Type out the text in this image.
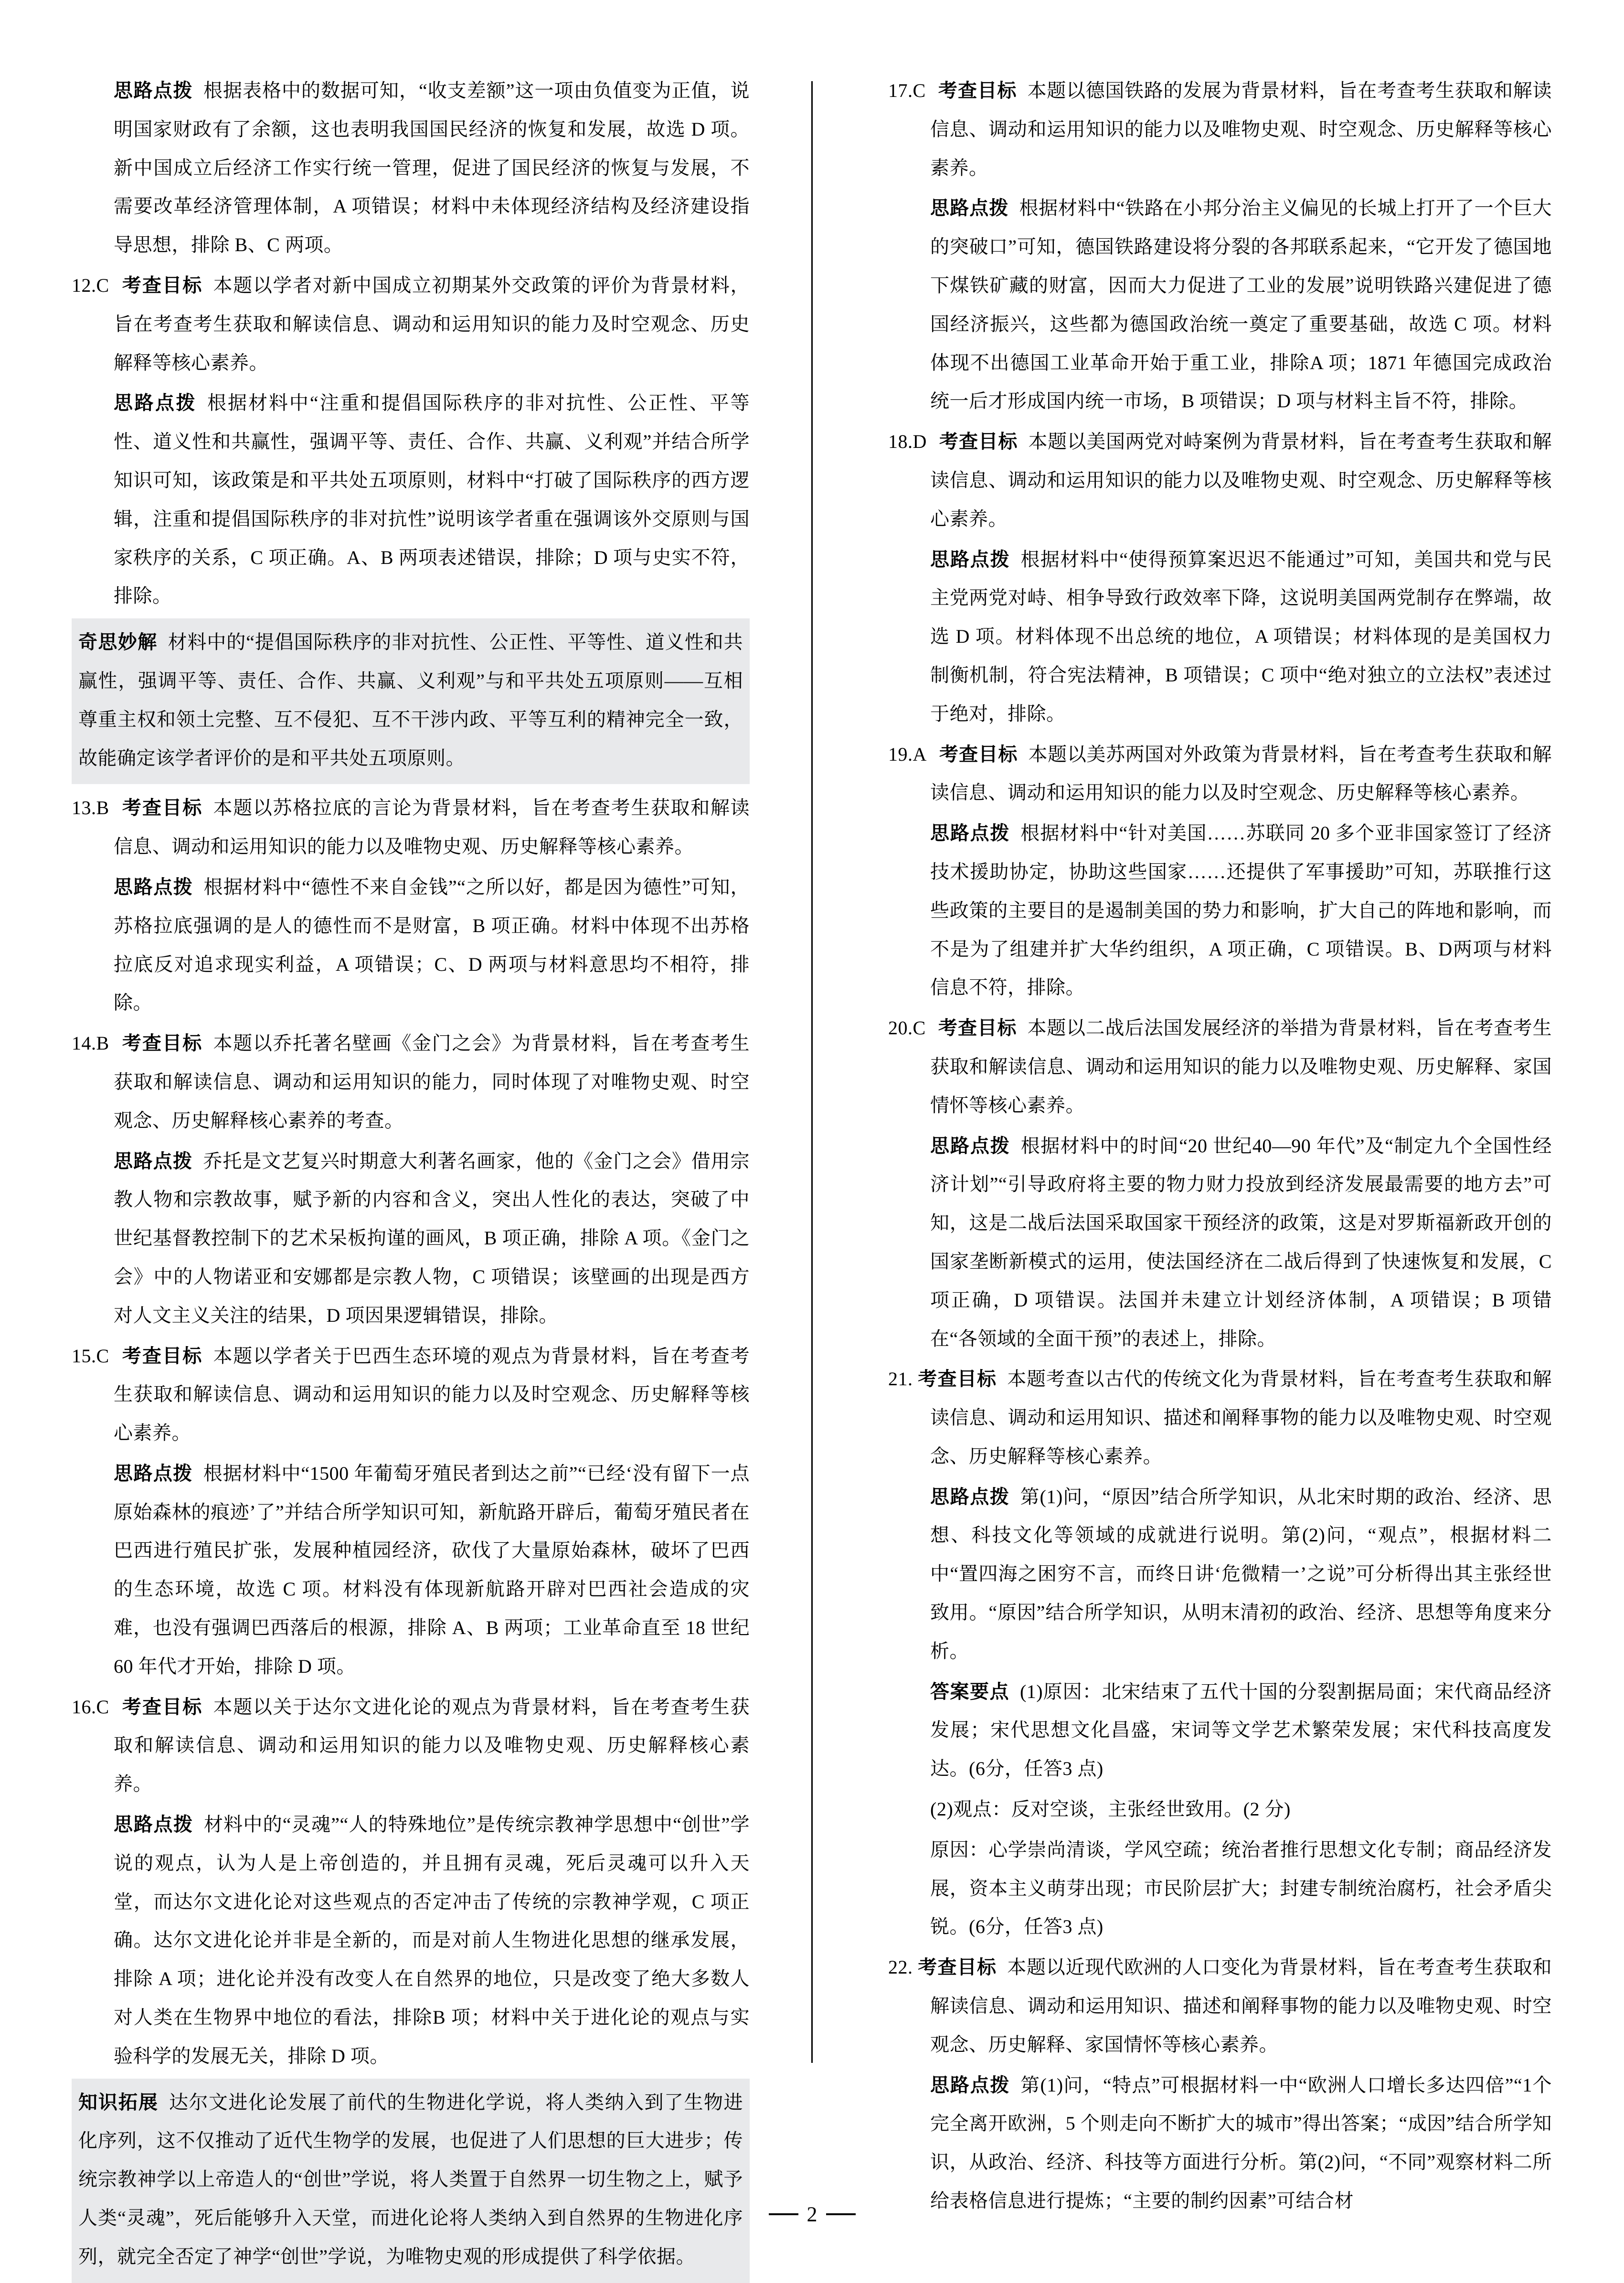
思路点拨 根据表格中的数据可知，“收支差额”这一项由负值变为正值，说明国家财政有了余额，这也表明我国国民经济的恢复和发展，故选 D 项。新中国成立后经济工作实行统一管理，促进了国民经济的恢复与发展，不需要改革经济管理体制，A 项错误；材料中未体现经济结构及经济建设指导思想，排除 B、C 两项。
12.C 考查目标 本题以学者对新中国成立初期某外交政策的评价为背景材料，旨在考查考生获取和解读信息、调动和运用知识的能力及时空观念、历史解释等核心素养。
思路点拨 根据材料中“注重和提倡国际秩序的非对抗性、公正性、平等性、道义性和共赢性，强调平等、责任、合作、共赢、义利观”并结合所学知识可知，该政策是和平共处五项原则，材料中“打破了国际秩序的西方逻辑，注重和提倡国际秩序的非对抗性”说明该学者重在强调该外交原则与国家秩序的关系，C 项正确。A、B 两项表述错误，排除；D 项与史实不符，排除。
奇思妙解 材料中的“提倡国际秩序的非对抗性、公正性、平等性、道义性和共赢性，强调平等、责任、合作、共赢、义利观”与和平共处五项原则——互相尊重主权和领土完整、互不侵犯、互不干涉内政、平等互利的精神完全一致，故能确定该学者评价的是和平共处五项原则。
13.B 考查目标 本题以苏格拉底的言论为背景材料，旨在考查考生获取和解读信息、调动和运用知识的能力以及唯物史观、历史解释等核心素养。
思路点拨 根据材料中“德性不来自金钱”“之所以好，都是因为德性”可知，苏格拉底强调的是人的德性而不是财富，B 项正确。材料中体现不出苏格拉底反对追求现实利益，A 项错误；C、D 两项与材料意思均不相符，排除。
14.B 考查目标 本题以乔托著名壁画《金门之会》为背景材料，旨在考查考生获取和解读信息、调动和运用知识的能力，同时体现了对唯物史观、时空观念、历史解释核心素养的考查。
思路点拨 乔托是文艺复兴时期意大利著名画家，他的《金门之会》借用宗教人物和宗教故事，赋予新的内容和含义，突出人性化的表达，突破了中世纪基督教控制下的艺术呆板拘谨的画风，B 项正确，排除 A 项。《金门之会》中的人物诺亚和安娜都是宗教人物，C 项错误；该壁画的出现是西方对人文主义关注的结果，D 项因果逻辑错误，排除。
15.C 考查目标 本题以学者关于巴西生态环境的观点为背景材料，旨在考查考生获取和解读信息、调动和运用知识的能力以及时空观念、历史解释等核心素养。
思路点拨 根据材料中“1500 年葡萄牙殖民者到达之前”“已经‘没有留下一点原始森林的痕迹’了”并结合所学知识可知，新航路开辟后，葡萄牙殖民者在巴西进行殖民扩张，发展种植园经济，砍伐了大量原始森林，破坏了巴西的生态环境，故选 C 项。材料没有体现新航路开辟对巴西社会造成的灾难，也没有强调巴西落后的根源，排除 A、B 两项；工业革命直至 18 世纪 60 年代才开始，排除 D 项。
16.C 考查目标 本题以关于达尔文进化论的观点为背景材料，旨在考查考生获取和解读信息、调动和运用知识的能力以及唯物史观、历史解释核心素养。
思路点拨 材料中的“灵魂”“人的特殊地位”是传统宗教神学思想中“创世”学说的观点，认为人是上帝创造的，并且拥有灵魂，死后灵魂可以升入天堂，而达尔文进化论对这些观点的否定冲击了传统的宗教神学观，C 项正确。达尔文进化论并非是全新的，而是对前人生物进化思想的继承发展，排除 A 项；进化论并没有改变人在自然界的地位，只是改变了绝大多数人对人类在生物界中地位的看法，排除B 项；材料中关于进化论的观点与实验科学的发展无关，排除 D 项。
知识拓展 达尔文进化论发展了前代的生物进化学说，将人类纳入到了生物进化序列，这不仅推动了近代生物学的发展，也促进了人们思想的巨大进步；传统宗教神学以上帝造人的“创世”学说，将人类置于自然界一切生物之上，赋予人类“灵魂”，死后能够升入天堂，而进化论将人类纳入到自然界的生物进化序列，就完全否定了神学“创世”学说，为唯物史观的形成提供了科学依据。
17.C 考查目标 本题以德国铁路的发展为背景材料，旨在考查考生获取和解读信息、调动和运用知识的能力以及唯物史观、时空观念、历史解释等核心素养。
思路点拨 根据材料中“铁路在小邦分治主义偏见的长城上打开了一个巨大的突破口”可知，德国铁路建设将分裂的各邦联系起来，“它开发了德国地下煤铁矿藏的财富，因而大力促进了工业的发展”说明铁路兴建促进了德国经济振兴，这些都为德国政治统一奠定了重要基础，故选 C 项。材料体现不出德国工业革命开始于重工业，排除A 项；1871 年德国完成政治统一后才形成国内统一市场，B 项错误；D 项与材料主旨不符，排除。
18.D 考查目标 本题以美国两党对峙案例为背景材料，旨在考查考生获取和解读信息、调动和运用知识的能力以及唯物史观、时空观念、历史解释等核心素养。
思路点拨 根据材料中“使得预算案迟迟不能通过”可知，美国共和党与民主党两党对峙、相争导致行政效率下降，这说明美国两党制存在弊端，故选 D 项。材料体现不出总统的地位，A 项错误；材料体现的是美国权力制衡机制，符合宪法精神，B 项错误；C 项中“绝对独立的立法权”表述过于绝对，排除。
19.A 考查目标 本题以美苏两国对外政策为背景材料，旨在考查考生获取和解读信息、调动和运用知识的能力以及时空观念、历史解释等核心素养。
思路点拨 根据材料中“针对美国……苏联同 20 多个亚非国家签订了经济技术援助协定，协助这些国家……还提供了军事援助”可知，苏联推行这些政策的主要目的是遏制美国的势力和影响，扩大自己的阵地和影响，而不是为了组建并扩大华约组织，A 项正确，C 项错误。B、D两项与材料信息不符，排除。
20.C 考查目标 本题以二战后法国发展经济的举措为背景材料，旨在考查考生获取和解读信息、调动和运用知识的能力以及唯物史观、历史解释、家国情怀等核心素养。
思路点拨 根据材料中的时间“20 世纪40—90 年代”及“制定九个全国性经济计划”“引导政府将主要的物力财力投放到经济发展最需要的地方去”可知，这是二战后法国采取国家干预经济的政策，这是对罗斯福新政开创的国家垄断新模式的运用，使法国经济在二战后得到了快速恢复和发展，C 项正确，D 项错误。法国并未建立计划经济体制，A 项错误；B 项错在“各领域的全面干预”的表述上，排除。
21. 考查目标 本题考查以古代的传统文化为背景材料，旨在考查考生获取和解读信息、调动和运用知识、描述和阐释事物的能力以及唯物史观、时空观念、历史解释等核心素养。
思路点拨 第(1)问，“原因”结合所学知识，从北宋时期的政治、经济、思想、科技文化等领域的成就进行说明。第(2)问，“观点”，根据材料二中“置四海之困穷不言，而终日讲‘危微精一’之说”可分析得出其主张经世致用。“原因”结合所学知识，从明末清初的政治、经济、思想等角度来分析。
答案要点 (1)原因：北宋结束了五代十国的分裂割据局面；宋代商品经济发展；宋代思想文化昌盛，宋词等文学艺术繁荣发展；宋代科技高度发达。(6分，任答3 点)
(2)观点：反对空谈，主张经世致用。(2 分)
原因：心学崇尚清谈，学风空疏；统治者推行思想文化专制；商品经济发展，资本主义萌芽出现；市民阶层扩大；封建专制统治腐朽，社会矛盾尖锐。(6分，任答3 点)
22. 考查目标 本题以近现代欧洲的人口变化为背景材料，旨在考查考生获取和解读信息、调动和运用知识、描述和阐释事物的能力以及唯物史观、时空观念、历史解释、家国情怀等核心素养。
思路点拨 第(1)问，“特点”可根据材料一中“欧洲人口增长多达四倍”“1个完全离开欧洲，5 个则走向不断扩大的城市”得出答案；“成因”结合所学知识，从政治、经济、科技等方面进行分析。第(2)问，“不同”观察材料二所给表格信息进行提炼；“主要的制约因素”可结合材
2
